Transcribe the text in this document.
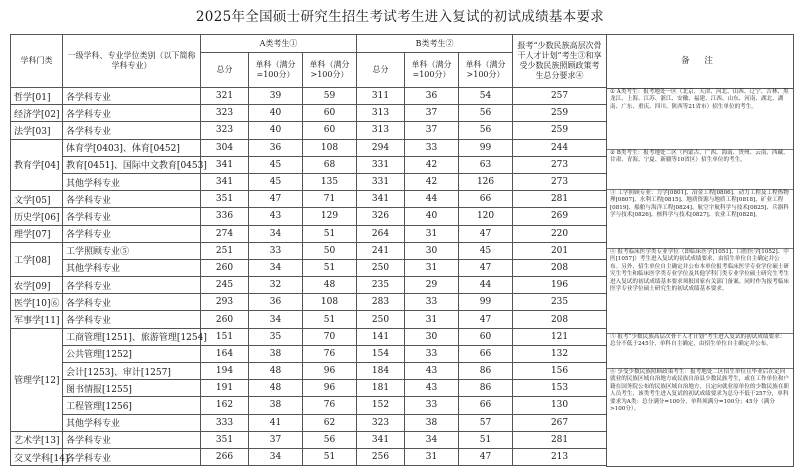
2025年全国硕士研究生招生考试考生进入复试的初试成绩基本要求
学科门类	一级学科、专业学位类别（以下简称学科专业）	A类考生①			B类考生②			报考“少数民族高层次骨干人才计划”考生③和享受少数民族照顾政策考生总分要求④
		总分	单科（满分=100分）	单科（满分>100分）	总分	单科（满分=100分）	单科（满分>100分）	
哲学[01]	各学科专业	321	39	59	311	36	54	257
经济学[02]	各学科专业	323	40	60	313	37	56	259
法学[03]	各学科专业	323	40	60	313	37	56	259
教育学[04]	体育学[0403]、体育[0452]	304	36	108	294	33	99	244
	教育[0451]、国际中文教育[0453]	341	45	68	331	42	63	273
	其他学科专业	341	45	135	331	42	126	273
文学[05]	各学科专业	351	47	71	341	44	66	281
历史学[06]	各学科专业	336	43	129	326	40	120	269
理学[07]	各学科专业	274	34	51	264	31	47	220
工学[08]	工学照顾专业⑤	251	33	50	241	30	45	201
	其他学科专业	260	34	51	250	31	47	208
农学[09]	各学科专业	245	32	48	235	29	44	196
医学[10]⑥	各学科专业	293	36	108	283	33	99	235
军事学[11]	各学科专业	260	34	51	250	31	47	208
管理学[12]	工商管理[1251]、旅游管理[1254]	151	35	70	141	30	60	121
	公共管理[1252]	164	38	76	154	33	66	132
	会计[1253]、审计[1257]	194	48	96	184	43	86	156
	图书情报[1255]	191	48	96	181	43	86	153
	工程管理[1256]	162	38	76	152	33	66	130
	其他学科专业	333	41	62	323	38	57	267
艺术学[13]	各学科专业	351	37	56	341	34	51	281
交叉学科[14]	各学科专业	266	34	51	256	31	47	213
备 注
① A类考生：报考地处一区（北京、天津、河北、山西、辽宁、吉林、黑龙江、上海、江苏、浙江、安徽、福建、江西、山东、河南、湖北、湖南、广东、重庆、四川、陕西等21省市）招生单位的考生。
② B类考生：报考地处二区（内蒙古、广西、海南、贵州、云南、西藏、甘肃、青海、宁夏、新疆等10省区）招生单位的考生。
③ 工学照顾专业：力学[0801]、冶金工程[0806]、动力工程及工程热物理[0807]、水利工程[0815]、地质资源与地质工程[0818]、矿业工程[0819]、船舶与海洋工程[0824]、航空宇航科学与技术[0825]、兵器科学与技术[0826]、核科学与技术[0827]、农业工程[0828]。
④ 报考临床医学类专业学位（即临床医学[1051]、口腔医学[1052]、中医[1057]）考生进入复试的初试成绩要求，由招生单位自主确定并公布。另外，招生单位自主确定并公布本单位报考临床医学专业学位硕士研究生考生和临床医学类专业学位及其他学科门类专业学位硕士研究生考生进入复试的初试成绩基本要求须报国家有关部门备案。同时作为报考临床医学专业学位硕士研究生的初试成绩基本要求。
⑤ 报考“少数民族高层次骨干人才计划”考生进入复试的初试成绩要求：总分不低于245分，单科自主确定，由招生单位自主确定并公布。
⑥ 享受少数民族照顾政策考生：报考地处二区招生单位且毕业后在定向就业的民族区域自治地方或民族自治县少数民族考生，或在工作单位和户籍在国务院公布的民族区域自治地方，且定向就业原单位的少数民族在职人员考生，该类考生进入复试的初试成绩要求为总分不低于257分，单科要求为A类：总分满分=100分，单科须满分=100分；45分（满分>100分）。
